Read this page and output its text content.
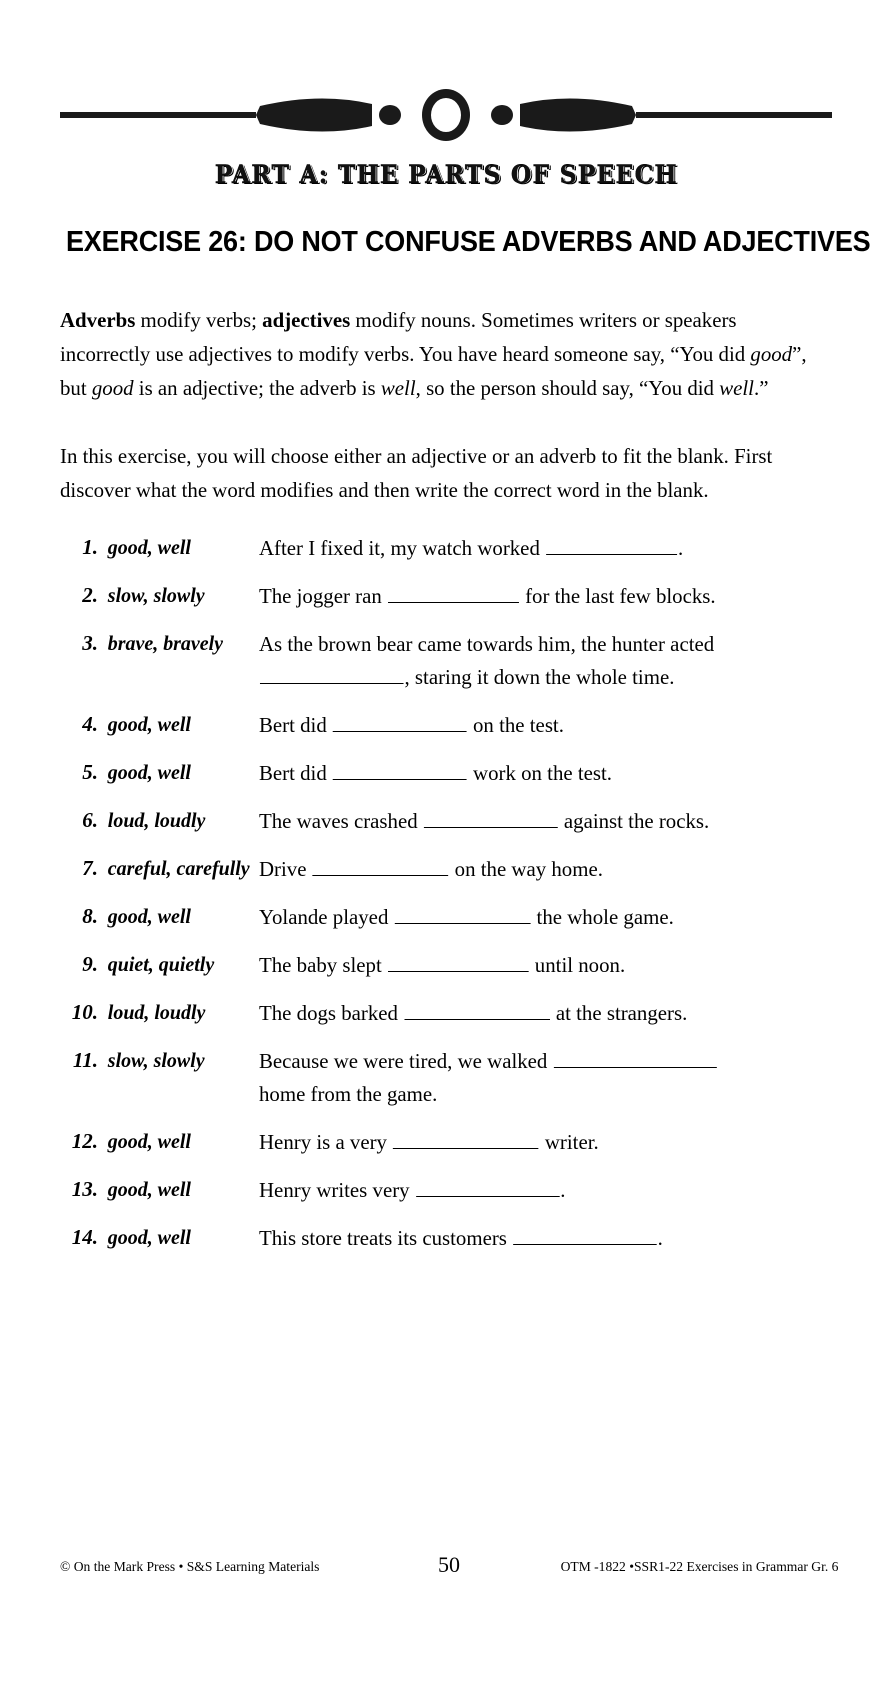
PART A: THE PARTS OF SPEECH
EXERCISE 26: DO NOT CONFUSE ADVERBS AND ADJECTIVES
Adverbs modify verbs; adjectives modify nouns. Sometimes writers or speakers
incorrectly use adjectives to modify verbs. You have heard someone say, “You did good”,
but good is an adjective; the adverb is well, so the person should say, “You did well.”
In this exercise, you will choose either an adjective or an adverb to fit the blank. First
discover what the word modifies and then write the correct word in the blank.
1. good, well	After I fixed it, my watch worked	.
2. slow, slowly	The jogger ran	for the last few blocks.
3. brave, bravely	As the brown bear came towards him, the hunter acted
, staring it down the whole time.
4. good, well	Bert did	on the test.
5. good, well	Bert did	work on the test.
6. loud, loudly	The waves crashed	against the rocks.
7. careful, carefully Drive	on the way home.
8. good, well	Yolande played	the whole game.
9. quiet, quietly	The baby slept	until noon.
10. loud, loudly	The dogs barked	at the strangers.
11. slow, slowly	Because we were tired, we walked
home from the game.
12. good, well	Henry is a very	writer.
13. good, well	Henry writes very	.
14. good, well	This store treats its customers	.
© On the Mark Press • S&S Learning Materials	50	OTM -1822 •SSR1-22 Exercises in Grammar Gr. 6
